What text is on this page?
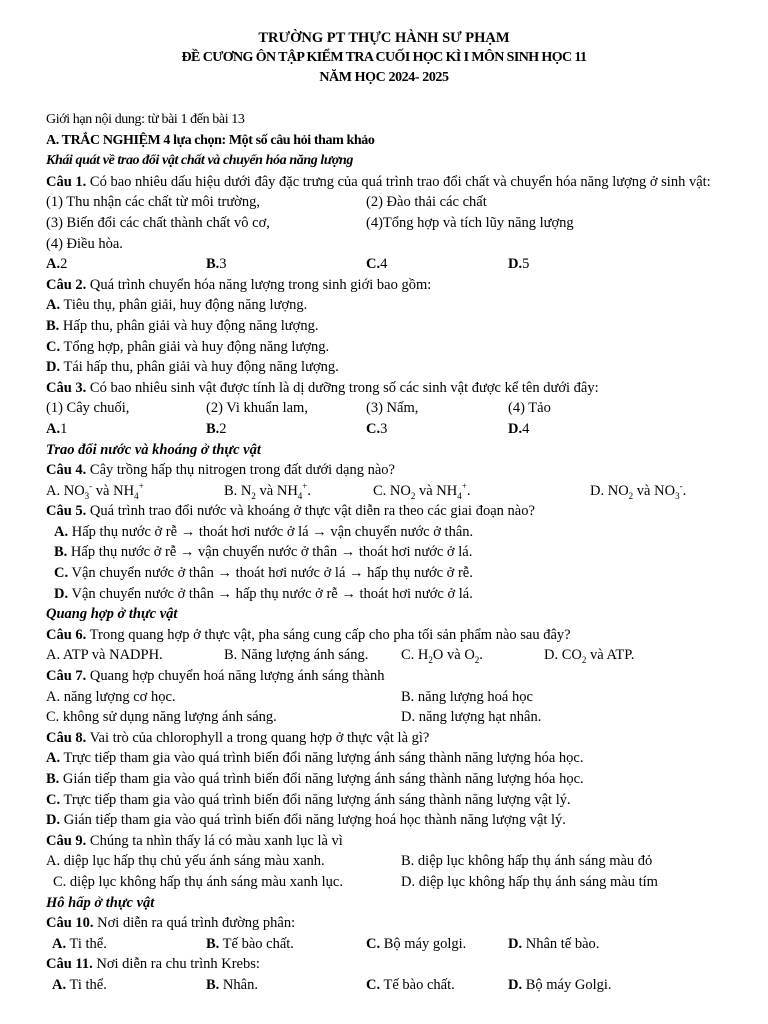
TRƯỜNG PT THỰC HÀNH SƯ PHẠM
ĐỀ CƯƠNG ÔN TẬP KIỂM TRA CUỐI HỌC KÌ I MÔN SINH HỌC 11
NĂM HỌC 2024- 2025
Giới hạn nội dung: từ bài 1 đến bài 13
A. TRẮC NGHIỆM 4 lựa chọn: Một số câu hỏi tham khảo
Khái quát về trao đổi vật chất và chuyển hóa năng lượng
Câu 1. Có bao nhiêu dấu hiệu dưới đây đặc trưng của quá trình trao đổi chất và chuyển hóa năng lượng ở sinh vật:
(1) Thu nhận các chất từ môi trường,	(2) Đào thải các chất
(3) Biến đổi các chất thành chất vô cơ,	(4)Tổng hợp và tích lũy năng lượng
(4) Điều hòa.
A.2	B.3	C.4	D.5
Câu 2. Quá trình chuyển hóa năng lượng trong sinh giới bao gồm:
A. Tiêu thụ, phân giải, huy động năng lượng.
B. Hấp thu, phân giải và huy động năng lượng.
C. Tổng hợp, phân giải và huy động năng lượng.
D. Tái hấp thu, phân giải và huy động năng lượng.
Câu 3. Có bao nhiêu sinh vật được tính là dị dưỡng trong số các sinh vật được kể tên dưới đây:
(1) Cây chuối,	(2) Vi khuẩn lam,	(3) Nấm,	(4) Tảo
A.1	B.2	C.3	D.4
Trao đổi nước và khoáng ở thực vật
Câu 4. Cây trồng hấp thụ nitrogen trong đất dưới dạng nào?
A. $NO_3^-$ và $NH_4^+$	B. $N_2$ và $NH_4^+$.	C. $NO_2$ và $NH_4^+$.	D. $NO_2$ và $NO_3^-$.
Câu 5. Quá trình trao đổi nước và khoáng ở thực vật diễn ra theo các giai đoạn nào?
A. Hấp thụ nước ở rễ → thoát hơi nước ở lá → vận chuyển nước ở thân.
B. Hấp thụ nước ở rễ → vận chuyển nước ở thân → thoát hơi nước ở lá.
C. Vận chuyển nước ở thân → thoát hơi nước ở lá → hấp thụ nước ở rễ.
D. Vận chuyển nước ở thân → hấp thụ nước ở rễ → thoát hơi nước ở lá.
Quang hợp ở thực vật
Câu 6. Trong quang hợp ở thực vật, pha sáng cung cấp cho pha tối sản phẩm nào sau đây?
A. ATP và NADPH.	B. Năng lượng ánh sáng. C. $H_2O$ và $O_2$.	D. $CO_2$ và ATP.
Câu 7. Quang hợp chuyển hoá năng lượng ánh sáng thành
A. năng lượng cơ học.	B. năng lượng hoá học
C. không sử dụng năng lượng ánh sáng.	D. năng lượng hạt nhân.
Câu 8. Vai trò của chlorophyll a trong quang hợp ở thực vật là gì?
A. Trực tiếp tham gia vào quá trình biến đổi năng lượng ánh sáng thành năng lượng hóa học.
B. Gián tiếp tham gia vào quá trình biến đổi năng lượng ánh sáng thành năng lượng hóa học.
C. Trực tiếp tham gia vào quá trình biến đổi năng lượng ánh sáng thành năng lượng vật lý.
D. Gián tiếp tham gia vào quá trình biến đổi năng lượng hoá học thành năng lượng vật lý.
Câu 9. Chúng ta nhìn thấy lá có màu xanh lục là vì
A. diệp lục hấp thụ chủ yếu ánh sáng màu xanh.	B. diệp lục không hấp thụ ánh sáng màu đỏ
C. diệp lục không hấp thụ ánh sáng màu xanh lục.	D. diệp lục không hấp thụ ánh sáng màu tím
Hô hấp ở thực vật
Câu 10. Nơi diễn ra quá trình đường phân:
A. Ti thể.	B. Tế bào chất.	C. Bộ máy golgi.	D. Nhân tế bào.
Câu 11. Nơi diễn ra chu trình Krebs:
A. Ti thể.	B. Nhân.	C. Tế bào chất.	D. Bộ máy Golgi.
